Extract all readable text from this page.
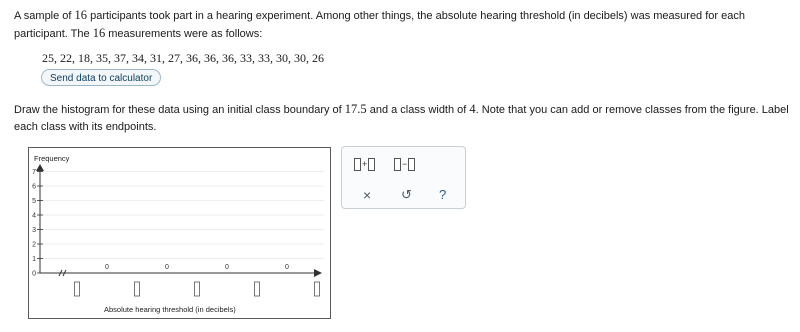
A sample of 16 participants took part in a hearing experiment. Among other things, the absolute hearing threshold (in decibels) was measured for each participant. The 16 measurements were as follows:
25, 22, 18, 35, 37, 34, 31, 27, 36, 36, 36, 33, 33, 30, 30, 26
Send data to calculator
Draw the histogram for these data using an initial class boundary of 17.5 and a class width of 4. Note that you can add or remove classes from the figure. Label each class with its endpoints.
0
1
2
3
4
5
6
7
0	0	0	0
Frequency
Absolute hearing threshold (in decibels)
+	−
× ↺ ?
